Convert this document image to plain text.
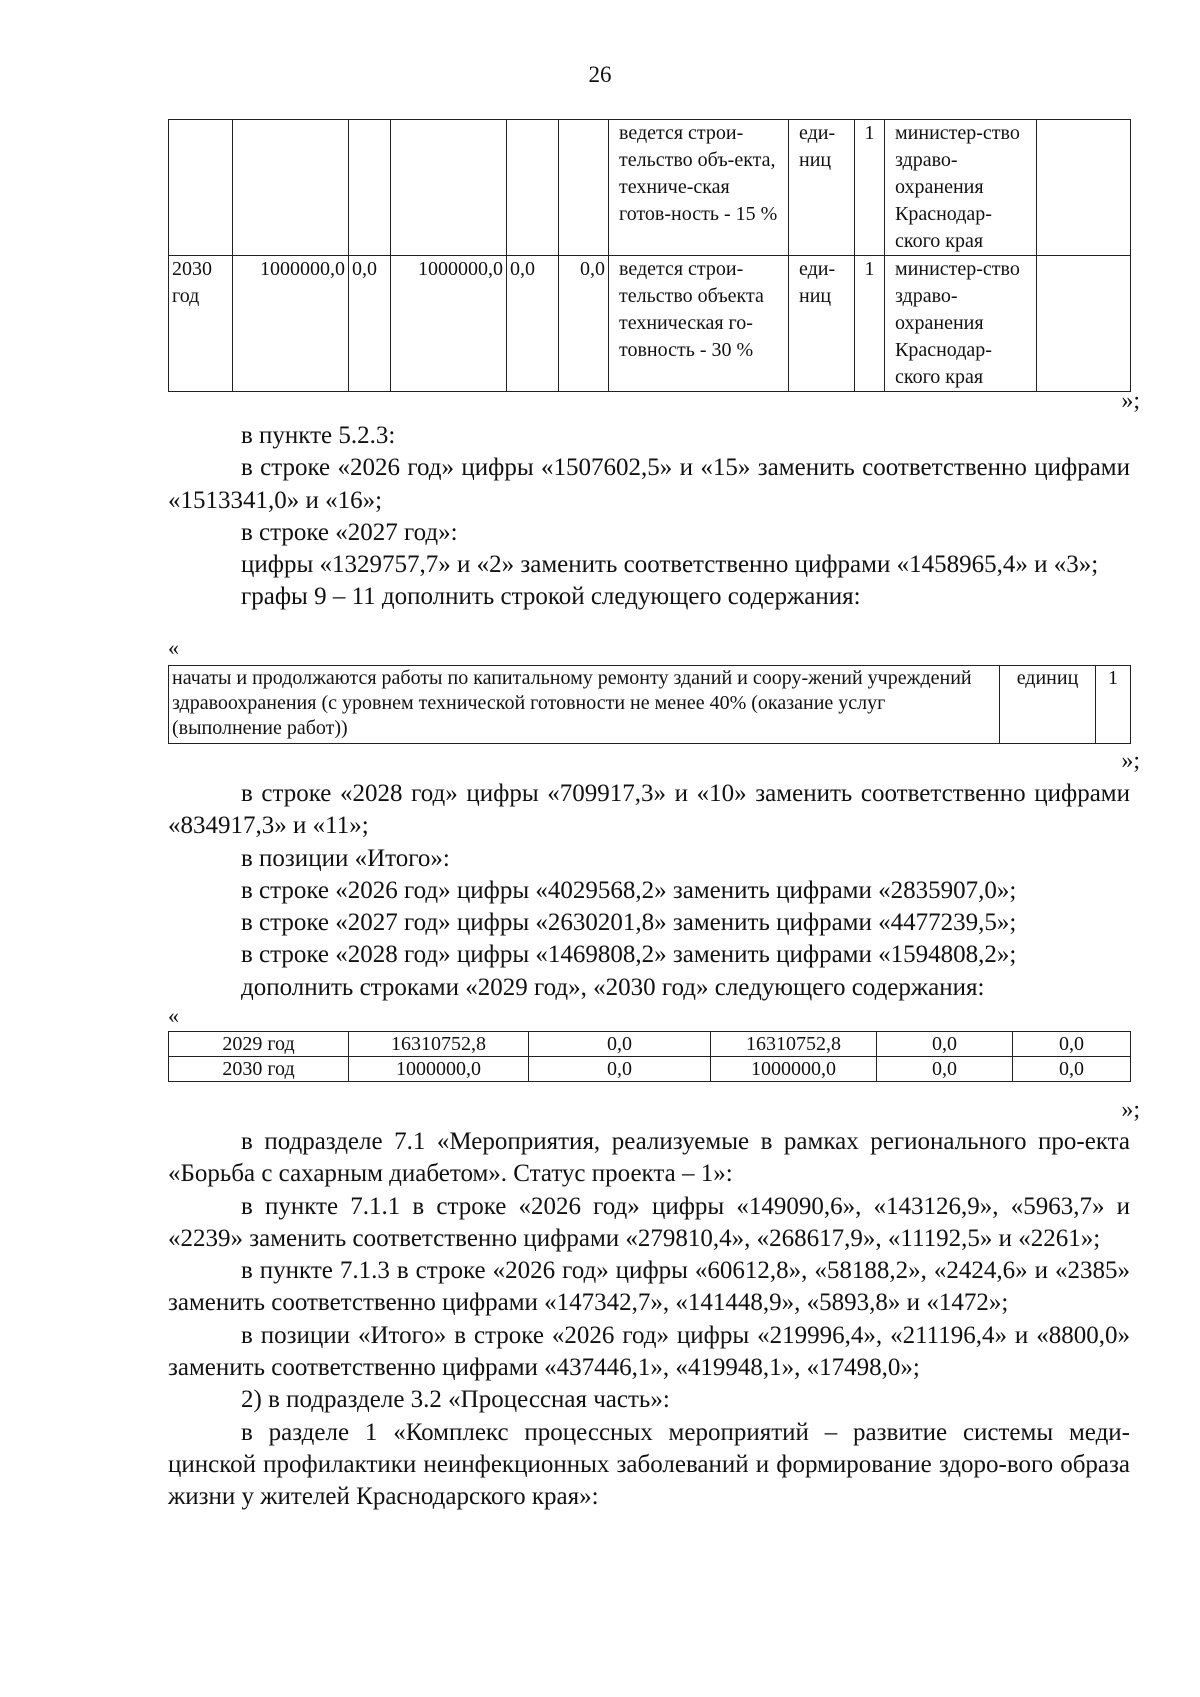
26
						ведется строи-тельство объ-екта, техниче-ская готов-ность - 15 %	еди-ниц	1	министер-ство здраво-охранения Краснодар-ского края	
2030 год	1000000,0	0,0	1000000,0	0,0	0,0	ведется строи-тельство объекта техническая го-товность - 30 %	еди-ниц	1	министер-ство здраво-охранения Краснодар-ского края	
»;

в пункте 5.2.3:

в строке «2026 год» цифры «1507602,5» и «15» заменить соответственно цифрами «1513341,0» и «16»;

в строке «2027 год»:

цифры «1329757,7» и «2» заменить соответственно цифрами «1458965,4» и «3»;

графы 9 – 11 дополнить строкой следующего содержания:

«
начаты и продолжаются работы по капитальному ремонту зданий и соору-жений учреждений здравоохранения (с уровнем технической готовности не менее 40% (оказание услуг (выполнение работ))	единиц	1
»;

в строке «2028 год» цифры «709917,3» и «10» заменить соответственно цифрами «834917,3» и «11»;

в позиции «Итого»:

в строке «2026 год» цифры «4029568,2» заменить цифрами «2835907,0»;

в строке «2027 год» цифры «2630201,8» заменить цифрами «4477239,5»;

в строке «2028 год» цифры «1469808,2» заменить цифрами «1594808,2»;

дополнить строками «2029 год», «2030 год» следующего содержания:

«
2029 год	16310752,8	0,0	16310752,8	0,0	0,0
2030 год	1000000,0	0,0	1000000,0	0,0	0,0
»;

в подразделе 7.1 «Мероприятия, реализуемые в рамках регионального про-екта «Борьба с сахарным диабетом». Статус проекта – 1»:

в пункте 7.1.1 в строке «2026 год» цифры «149090,6», «143126,9», «5963,7» и «2239» заменить соответственно цифрами «279810,4», «268617,9», «11192,5» и «2261»;

в пункте 7.1.3 в строке «2026 год» цифры «60612,8», «58188,2», «2424,6» и «2385» заменить соответственно цифрами «147342,7», «141448,9», «5893,8» и «1472»;

в позиции «Итого» в строке «2026 год» цифры «219996,4», «211196,4» и «8800,0» заменить соответственно цифрами «437446,1», «419948,1», «17498,0»;

2) в подразделе 3.2 «Процессная часть»:

в разделе 1 «Комплекс процессных мероприятий – развитие системы меди-цинской профилактики неинфекционных заболеваний и формирование здоро-вого образа жизни у жителей Краснодарского края»:
